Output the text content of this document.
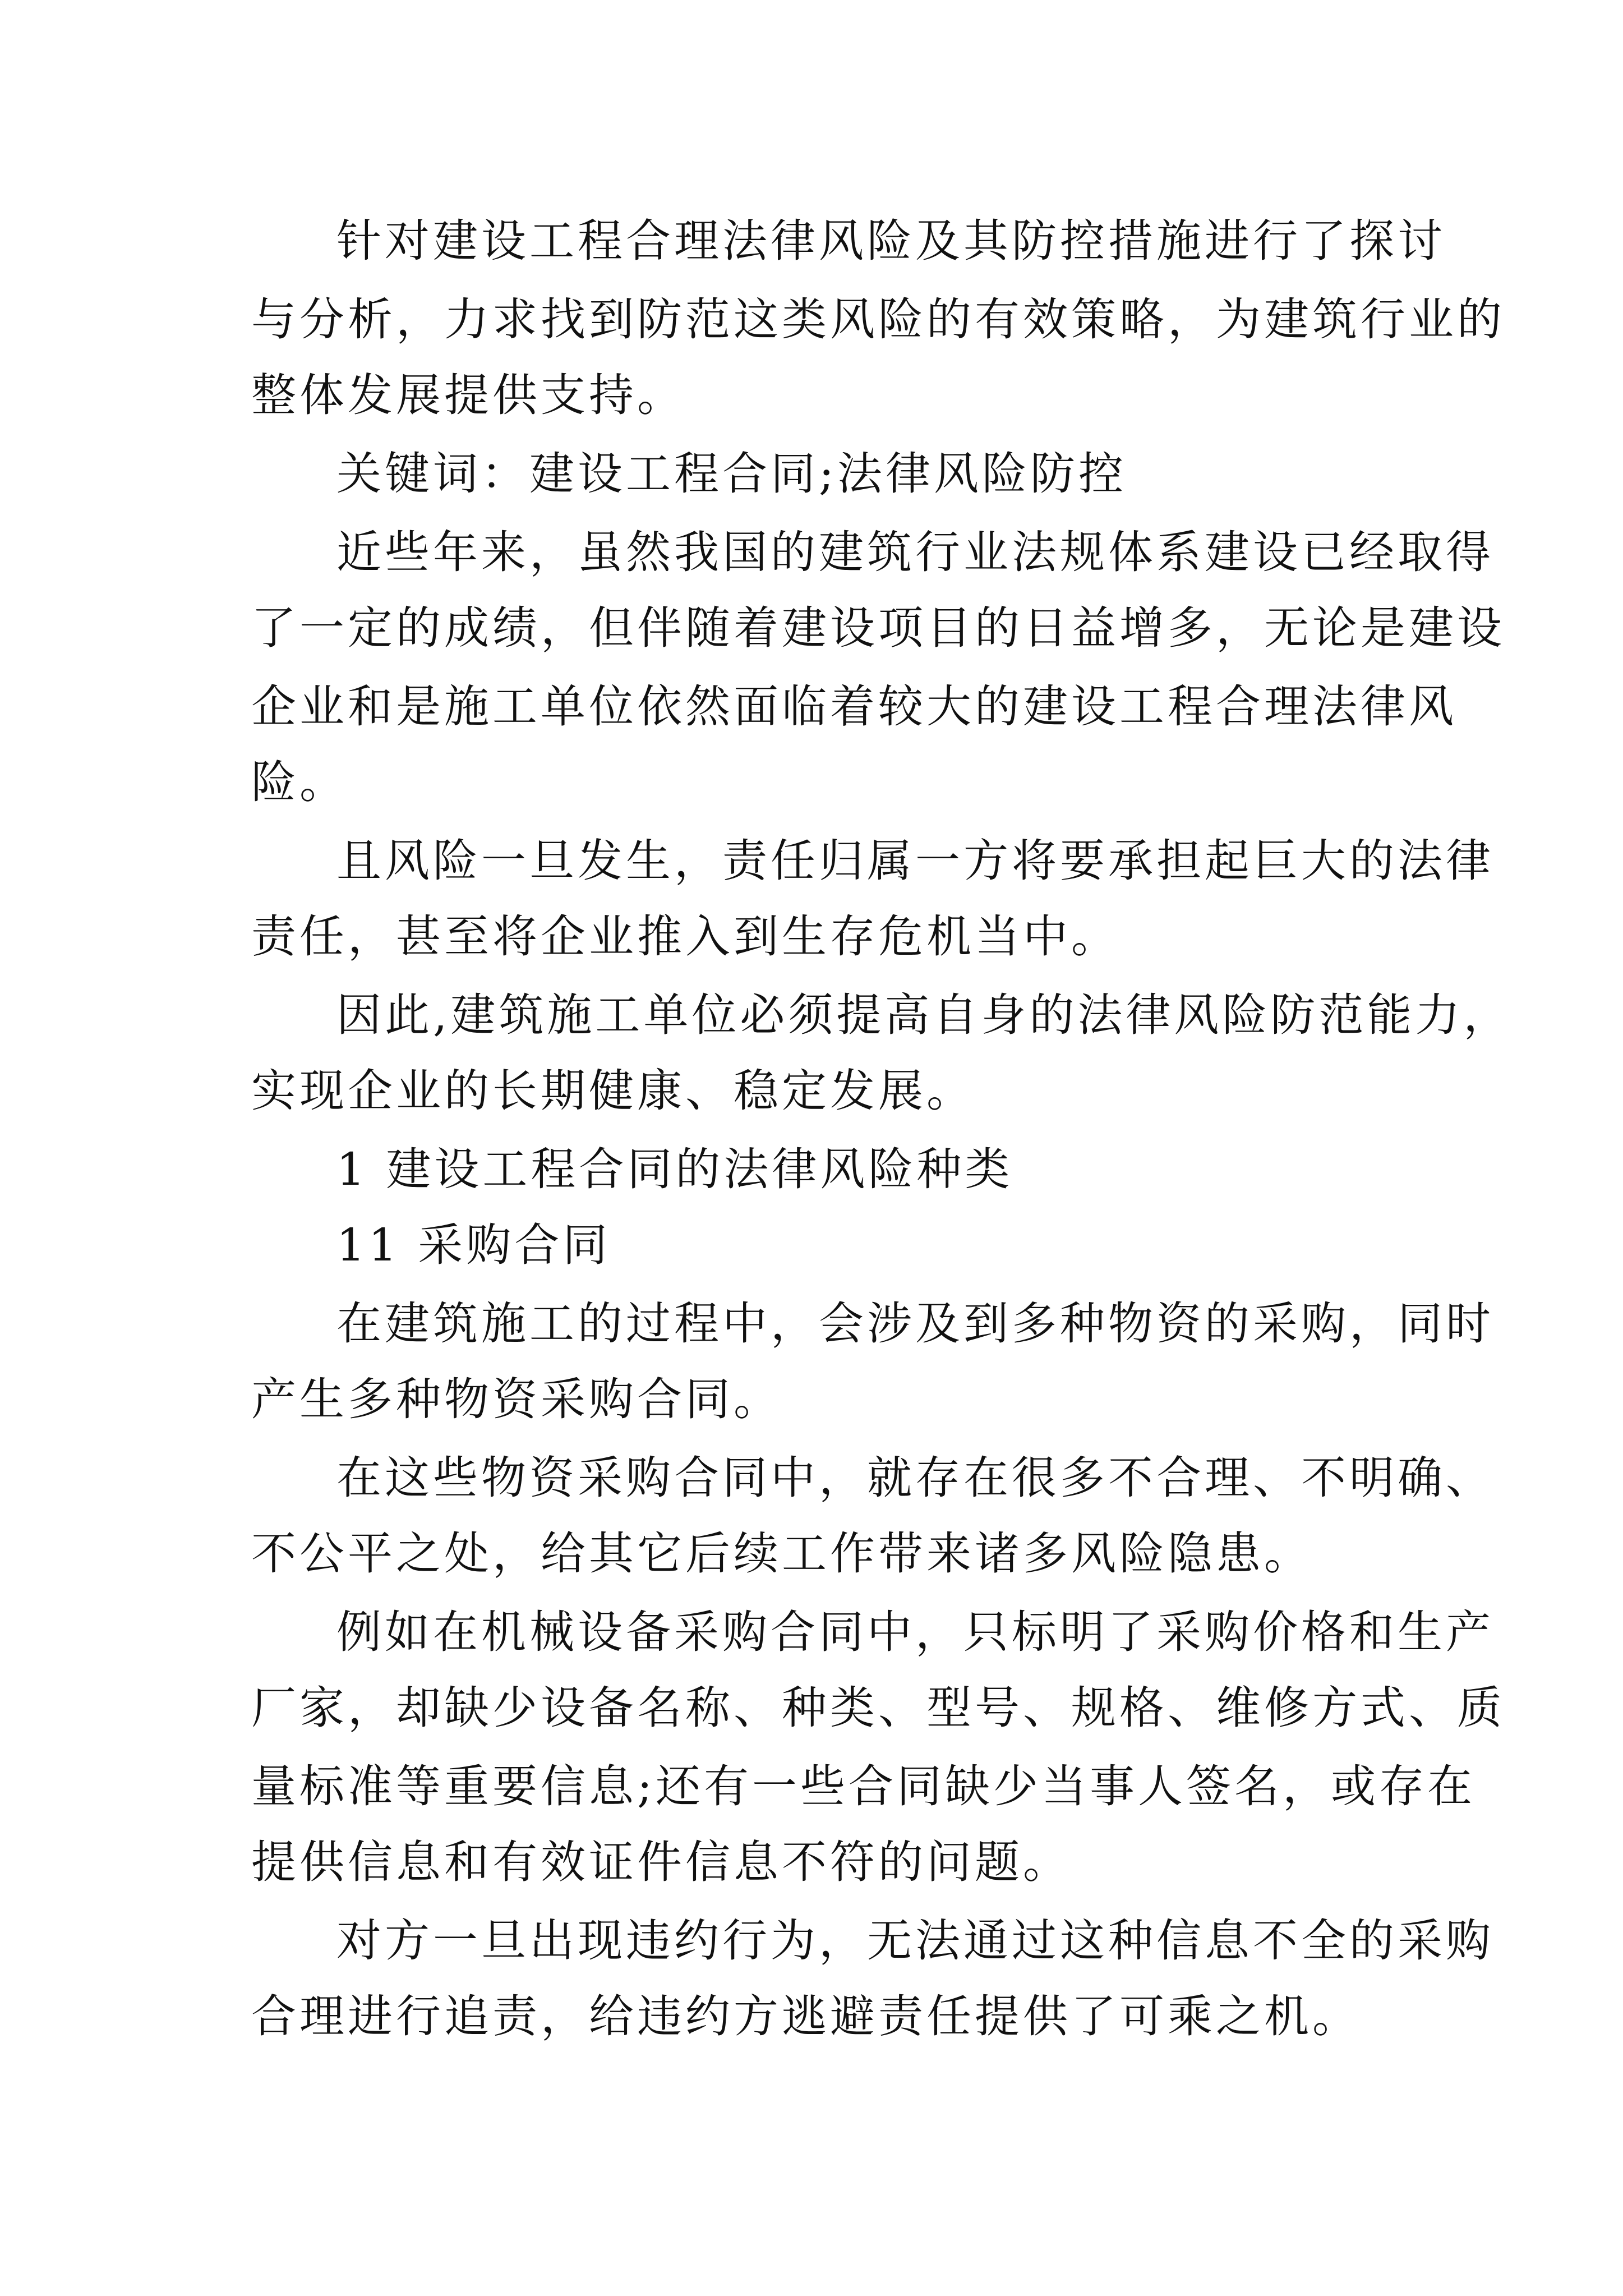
针对建设工程合理法律风险及其防控措施进行了探讨
与分析，力求找到防范这类风险的有效策略，为建筑行业的
整体发展提供支持。
关键词：建设工程合同;法律风险防控
近些年来，虽然我国的建筑行业法规体系建设已经取得
了一定的成绩，但伴随着建设项目的日益增多，无论是建设
企业和是施工单位依然面临着较大的建设工程合理法律风
险。
且风险一旦发生，责任归属一方将要承担起巨大的法律
责任，甚至将企业推入到生存危机当中。
因此,建筑施工单位必须提高自身的法律风险防范能力，
实现企业的长期健康、稳定发展。
1 建设工程合同的法律风险种类
11 采购合同
在建筑施工的过程中，会涉及到多种物资的采购，同时
产生多种物资采购合同。
在这些物资采购合同中，就存在很多不合理、不明确、
不公平之处，给其它后续工作带来诸多风险隐患。
例如在机械设备采购合同中，只标明了采购价格和生产
厂家，却缺少设备名称、种类、型号、规格、维修方式、质
量标准等重要信息;还有一些合同缺少当事人签名，或存在
提供信息和有效证件信息不符的问题。
对方一旦出现违约行为，无法通过这种信息不全的采购
合理进行追责，给违约方逃避责任提供了可乘之机。
